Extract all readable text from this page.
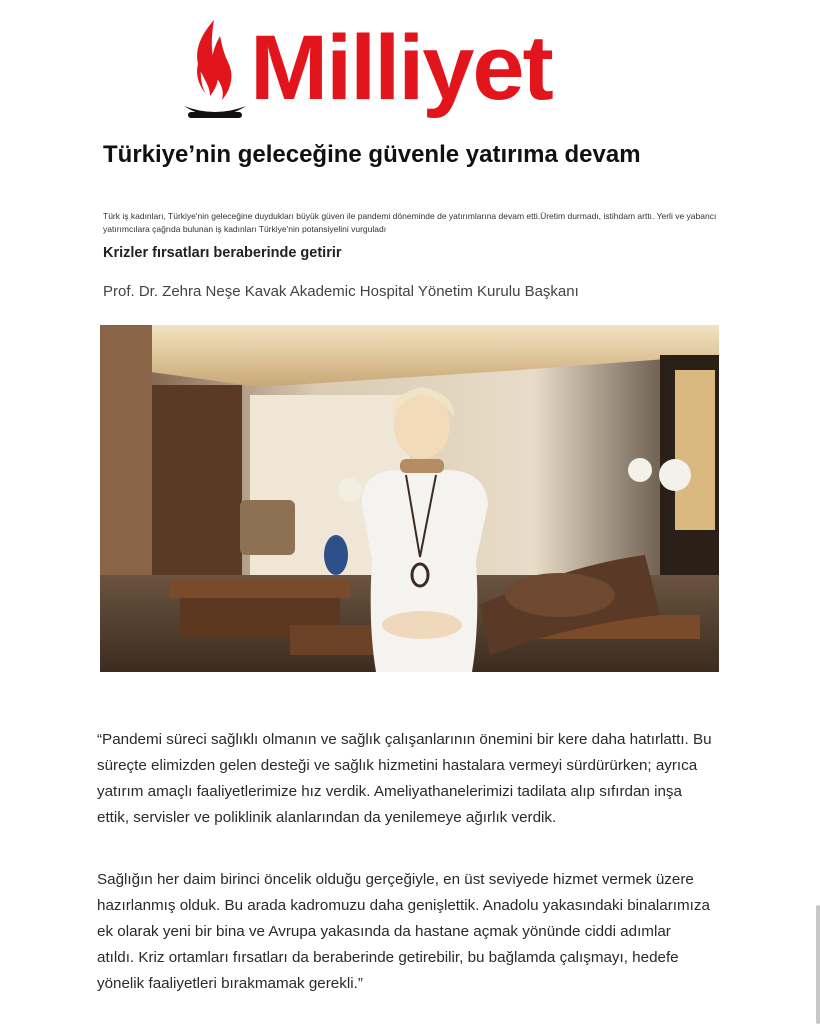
Milliyet
Türkiye’nin geleceğine güvenle yatırıma devam
Türk iş kadınları, Türkiye'nin geleceğine duydukları büyük güven ile pandemi döneminde de yatırımlarına devam etti.Üretim durmadı, istihdam arttı. Yerli ve yabancı yatırımcılara çağrıda bulunan iş kadınları Türkiye'nin potansiyelini vurguladı
Krizler fırsatları beraberinde getirir
Prof. Dr. Zehra Neşe Kavak Akademic Hospital Yönetim Kurulu Başkanı
“Pandemi süreci sağlıklı olmanın ve sağlık çalışanlarının önemini bir kere daha hatırlattı. Bu süreçte elimizden gelen desteği ve sağlık hizmetini hastalara vermeyi sürdürürken; ayrıca yatırım amaçlı faaliyetlerimize hız verdik. Ameliyathanelerimizi tadilata alıp sıfırdan inşa ettik, servisler ve poliklinik alanlarından da yenilemeye ağırlık verdik.
Sağlığın her daim birinci öncelik olduğu gerçeğiyle, en üst seviyede hizmet vermek üzere hazırlanmış olduk. Bu arada kadromuzu daha genişlettik. Anadolu yakasındaki binalarımıza ek olarak yeni bir bina ve Avrupa yakasında da hastane açmak yönünde ciddi adımlar atıldı. Kriz ortamları fırsatları da beraberinde getirebilir, bu bağlamda çalışmayı, hedefe yönelik faaliyetleri bırakmamak gerekli.”
